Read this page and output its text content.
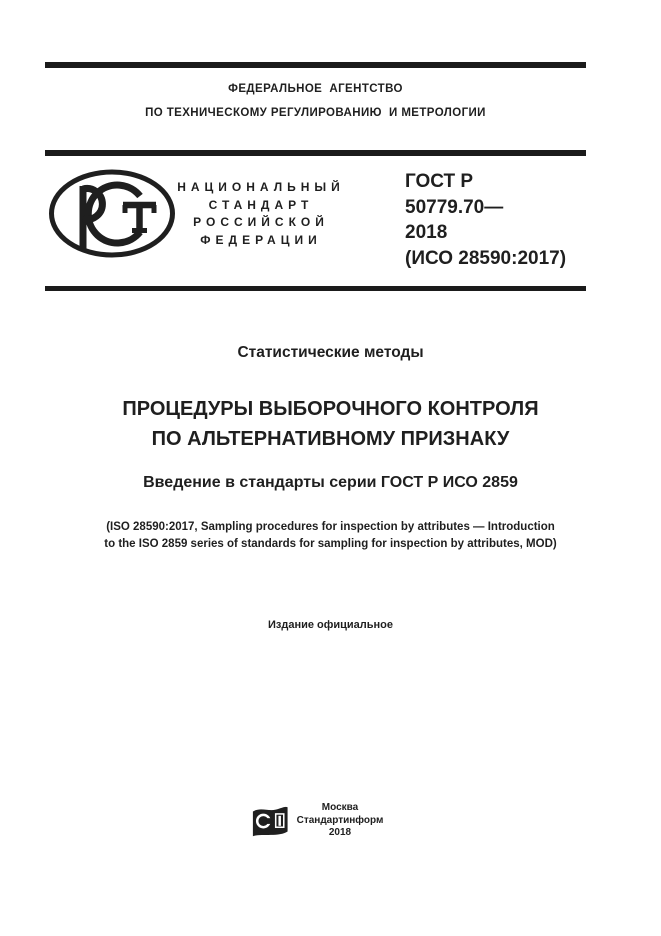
ФЕДЕРАЛЬНОЕ  АГЕНТСТВО
ПО ТЕХНИЧЕСКОМУ РЕГУЛИРОВАНИЮ  И МЕТРОЛОГИИ
НАЦИОНАЛЬНЫЙ
СТАНДАРТ
РОССИЙСКОЙ
ФЕДЕРАЦИИ
ГОСТ Р
50779.70—
2018
(ИСО 28590:2017)
Статистические методы
ПРОЦЕДУРЫ ВЫБОРОЧНОГО КОНТРОЛЯ
ПО АЛЬТЕРНАТИВНОМУ ПРИЗНАКУ
Введение в стандарты серии ГОСТ Р ИСО 2859
(ISO 28590:2017, Sampling procedures for inspection by attributes — Introduction
to the ISO 2859 series of standards for sampling for inspection by attributes, MOD)
Издание официальное
Москва
Стандартинформ
2018
